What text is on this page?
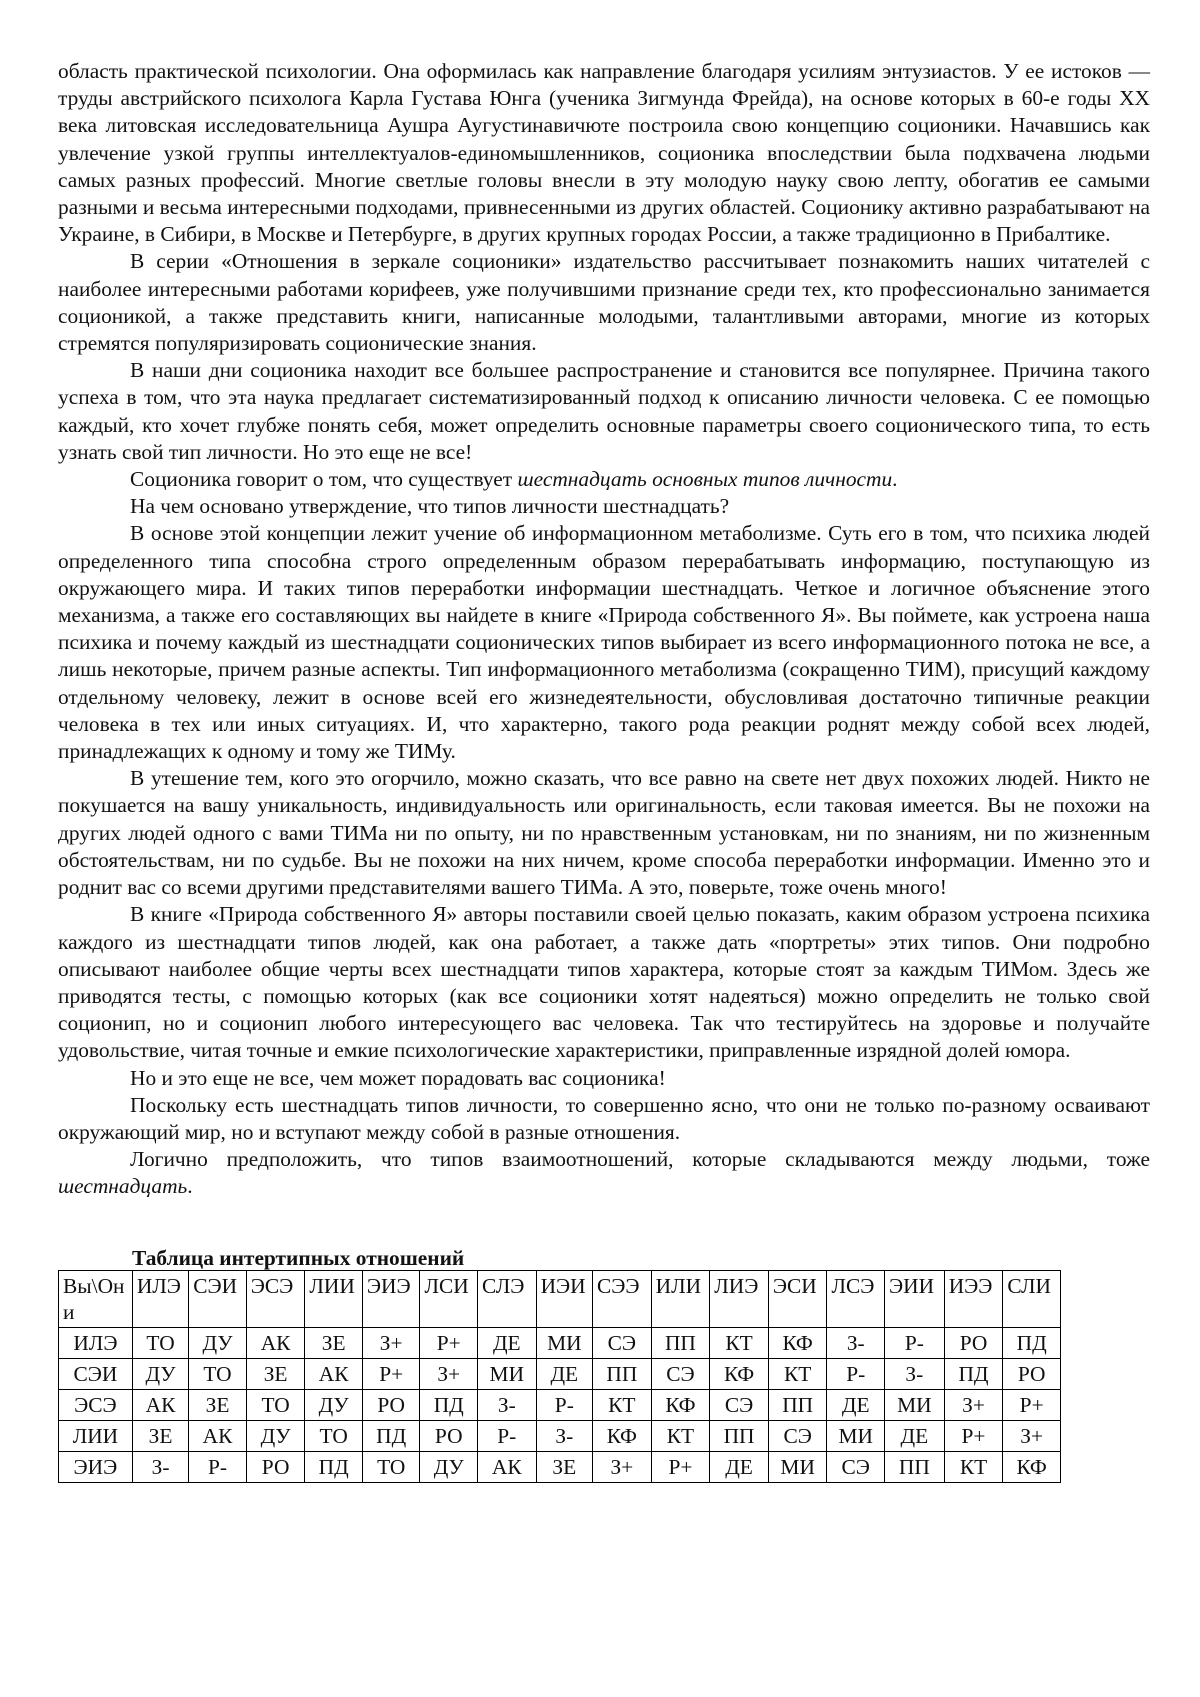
область практической психологии. Она оформилась как направление благодаря усилиям энтузиастов. У ее истоков — труды австрийского психолога Карла Густава Юнга (ученика Зигмунда Фрейда), на основе которых в 60-е годы XX века литовская исследовательница Аушра Аугустинавичюте построила свою концепцию соционики. Начавшись как увлечение узкой группы интеллектуалов-единомышленников, соционика впоследствии была подхвачена людьми самых разных профессий. Многие светлые головы внесли в эту молодую науку свою лепту, обогатив ее самыми разными и весьма интересными подходами, привнесенными из других областей. Соционику активно разрабатывают на Украине, в Сибири, в Москве и Петербурге, в других крупных городах России, а также традиционно в Прибалтике.

В серии «Отношения в зеркале соционики» издательство рассчитывает познакомить наших читателей с наиболее интересными работами корифеев, уже получившими признание среди тех, кто профессионально занимается соционикой, а также представить книги, написанные молодыми, талантливыми авторами, многие из которых стремятся популяризировать соционические знания.

В наши дни соционика находит все большее распространение и становится все популярнее. Причина такого успеха в том, что эта наука предлагает систематизированный подход к описанию личности человека. С ее помощью каждый, кто хочет глубже понять себя, может определить основные параметры своего соционического типа, то есть узнать свой тип личности. Но это еще не все!

Соционика говорит о том, что существует шестнадцать основных типов личности.

На чем основано утверждение, что типов личности шестнадцать?

В основе этой концепции лежит учение об информационном метаболизме. Суть его в том, что психика людей определенного типа способна строго определенным образом перерабатывать информацию, поступающую из окружающего мира. И таких типов переработки информации шестнадцать. Четкое и логичное объяснение этого механизма, а также его составляющих вы найдете в книге «Природа собственного Я». Вы поймете, как устроена наша психика и почему каждый из шестнадцати соционических типов выбирает из всего информационного потока не все, а лишь некоторые, причем разные аспекты. Тип информационного метаболизма (сокращенно ТИМ), присущий каждому отдельному человеку, лежит в основе всей его жизнедеятельности, обусловливая достаточно типичные реакции человека в тех или иных ситуациях. И, что характерно, такого рода реакции роднят между собой всех людей, принадлежащих к одному и тому же ТИМу.

В утешение тем, кого это огорчило, можно сказать, что все равно на свете нет двух похожих людей. Никто не покушается на вашу уникальность, индивидуальность или оригинальность, если таковая имеется. Вы не похожи на других людей одного с вами ТИМа ни по опыту, ни по нравственным установкам, ни по знаниям, ни по жизненным обстоятельствам, ни по судьбе. Вы не похожи на них ничем, кроме способа переработки информации. Именно это и роднит вас со всеми другими представителями вашего ТИМа. А это, поверьте, тоже очень много!

В книге «Природа собственного Я» авторы поставили своей целью показать, каким образом устроена психика каждого из шестнадцати типов людей, как она работает, а также дать «портреты» этих типов. Они подробно описывают наиболее общие черты всех шестнадцати типов характера, которые стоят за каждым ТИМом. Здесь же приводятся тесты, с помощью которых (как все соционики хотят надеяться) можно определить не только свой соционип, но и соционип любого интересующего вас человека. Так что тестируйтесь на здоровье и получайте удовольствие, читая точные и емкие психологические характеристики, приправленные изрядной долей юмора.

Но и это еще не все, чем может порадовать вас соционика!

Поскольку есть шестнадцать типов личности, то совершенно ясно, что они не только по-разному осваивают окружающий мир, но и вступают между собой в разные отношения.

Логично предположить, что типов взаимоотношений, которые складываются между людьми, тоже шестнадцать.

Таблица интертипных отношений
Вы\Они	ИЛЭ	СЭИ	ЭСЭ	ЛИИ	ЭИЭ	ЛСИ	СЛЭ	ИЭИ	СЭЭ	ИЛИ	ЛИЭ	ЭСИ	ЛСЭ	ЭИИ	ИЭЭ	СЛИ
ИЛЭ	ТО	ДУ	АК	ЗЕ	З+	Р+	ДЕ	МИ	СЭ	ПП	КТ	КФ	З-	Р-	РО	ПД
СЭИ	ДУ	ТО	ЗЕ	АК	Р+	З+	МИ	ДЕ	ПП	СЭ	КФ	КТ	Р-	З-	ПД	РО
ЭСЭ	АК	ЗЕ	ТО	ДУ	РО	ПД	З-	Р-	КТ	КФ	СЭ	ПП	ДЕ	МИ	З+	Р+
ЛИИ	ЗЕ	АК	ДУ	ТО	ПД	РО	Р-	З-	КФ	КТ	ПП	СЭ	МИ	ДЕ	Р+	З+
ЭИЭ	З-	Р-	РО	ПД	ТО	ДУ	АК	ЗЕ	З+	Р+	ДЕ	МИ	СЭ	ПП	КТ	КФ
